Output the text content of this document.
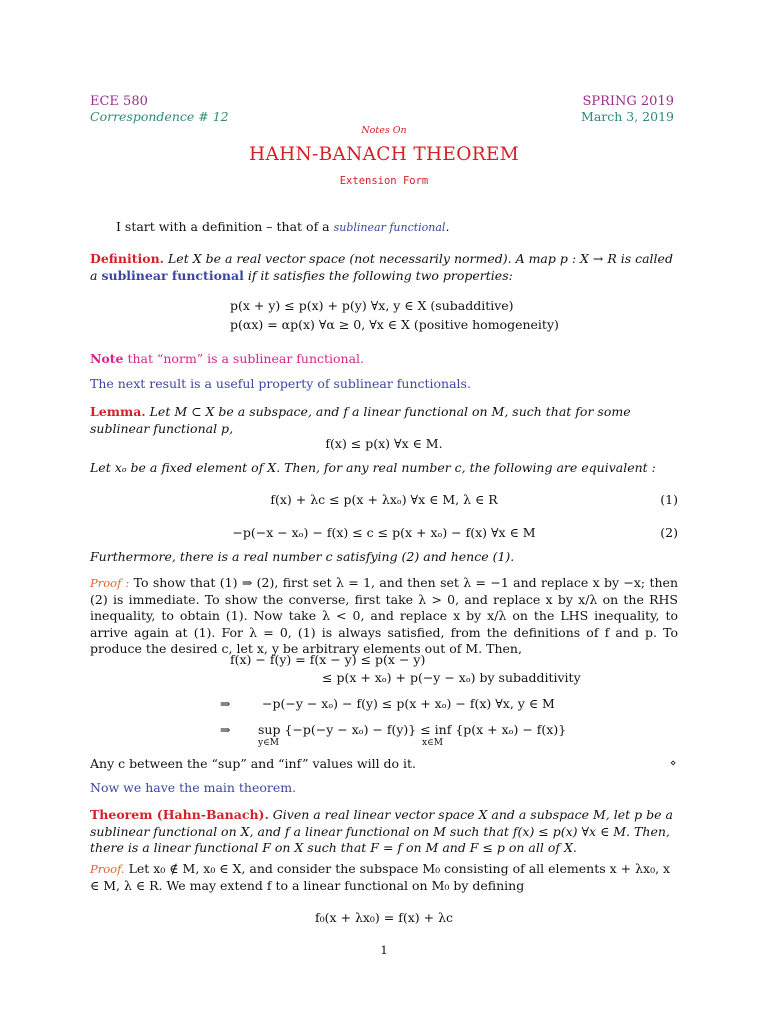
ECE 580
Correspondence # 12
SPRING 2019
March 3, 2019
Notes On
HAHN-BANACH THEOREM
Extension Form
I start with a definition – that of a sublinear functional.
Definition. Let X be a real vector space (not necessarily normed). A map p : X → R is called a sublinear functional if it satisfies the following two properties:
p(x + y) ≤ p(x) + p(y) ∀x, y ∈ X (subadditive)
p(αx) = αp(x) ∀α ≥ 0, ∀x ∈ X (positive homogeneity)
Note that “norm” is a sublinear functional.
The next result is a useful property of sublinear functionals.
Lemma. Let M ⊂ X be a subspace, and f a linear functional on M, such that for some sublinear functional p,
f(x) ≤ p(x) ∀x ∈ M.
Let xₒ be a fixed element of X. Then, for any real number c, the following are equivalent :
f(x) + λc ≤ p(x + λxₒ) ∀x ∈ M, λ ∈ R	(1)
−p(−x − xₒ) − f(x) ≤ c ≤ p(x + xₒ) − f(x) ∀x ∈ M	(2)
Furthermore, there is a real number c satisfying (2) and hence (1).
Proof : To show that (1) ⇒ (2), first set λ = 1, and then set λ = −1 and replace x by −x; then (2) is immediate. To show the converse, first take λ > 0, and replace x by x/λ on the RHS inequality, to obtain (1). Now take λ < 0, and replace x by x/λ on the LHS inequality, to arrive again at (1). For λ = 0, (1) is always satisfied, from the definitions of f and p. To produce the desired c, let x, y be arbitrary elements out of M. Then,
f(x) − f(y) = f(x − y) ≤ p(x − y)
≤ p(x + xₒ) + p(−y − xₒ) by subadditivity
⇒	−p(−y − xₒ) − f(y) ≤ p(x + xₒ) − f(x) ∀x, y ∈ M
⇒ sup {−p(−y − xₒ) − f(y)} ≤ inf {p(x + xₒ) − f(x)}
y∈M	x∈M
Any c between the “sup” and “inf” values will do it.	⋄
Now we have the main theorem.
Theorem (Hahn-Banach). Given a real linear vector space X and a subspace M, let p be a sublinear functional on X, and f a linear functional on M such that f(x) ≤ p(x) ∀x ∈ M. Then, there is a linear functional F on X such that F = f on M and F ≤ p on all of X.
Proof. Let x₀ ∉ M, x₀ ∈ X, and consider the subspace M₀ consisting of all elements x + λx₀, x ∈ M, λ ∈ R. We may extend f to a linear functional on M₀ by defining
f₀(x + λx₀) = f(x) + λc
1
